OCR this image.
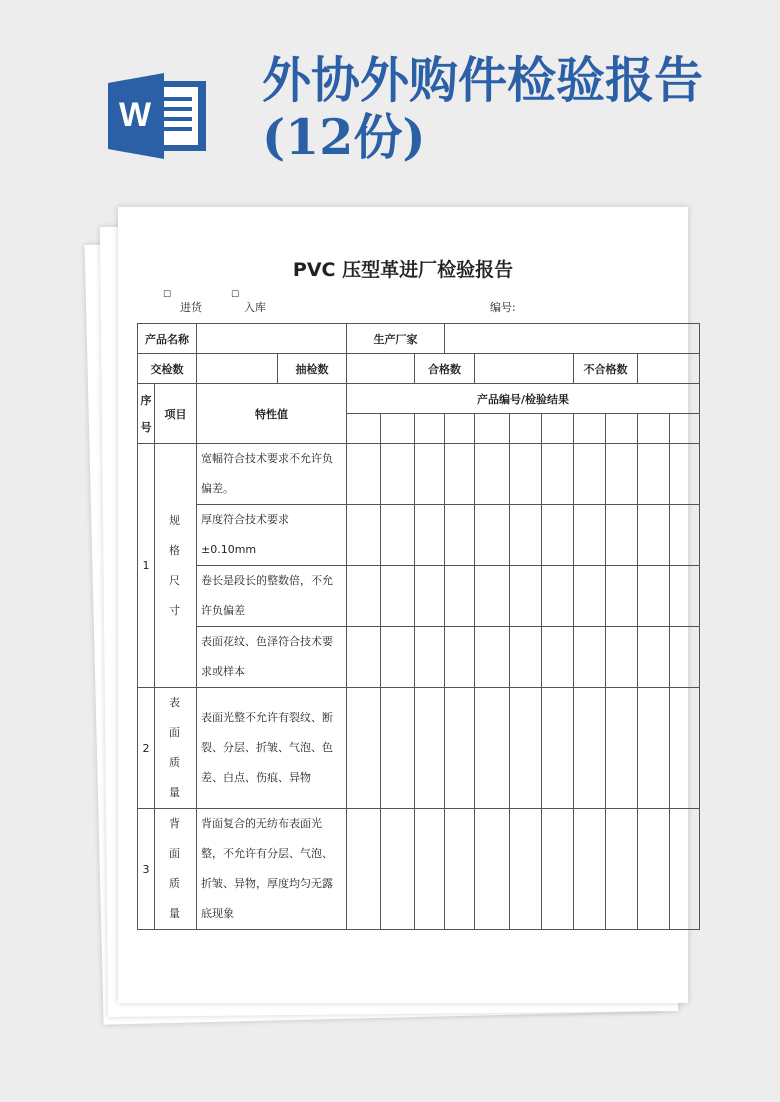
W
外协外购件检验报告(12份)
PVC 压型革进厂检验报告
☐
进货
☐
入库	编号:
产品名称			生产厂家										
交检数		抽检数			合格数					不合格数			
序号	项目	特性值	产品编号/检验结果										

1	规格尺寸	宽幅符合技术要求不允许负偏差。											
		厚度符合技术要求±0.10mm											
		卷长是段长的整数倍，不允许负偏差											
		表面花纹、色泽符合技术要求或样本											
2	表面质量	表面光整不允许有裂纹、断裂、分层、折皱、气泡、色差、白点、伤痕、异物											
3	背面质量	背面复合的无纺布表面光整，不允许有分层、气泡、折皱、异物，厚度均匀无露底现象											
